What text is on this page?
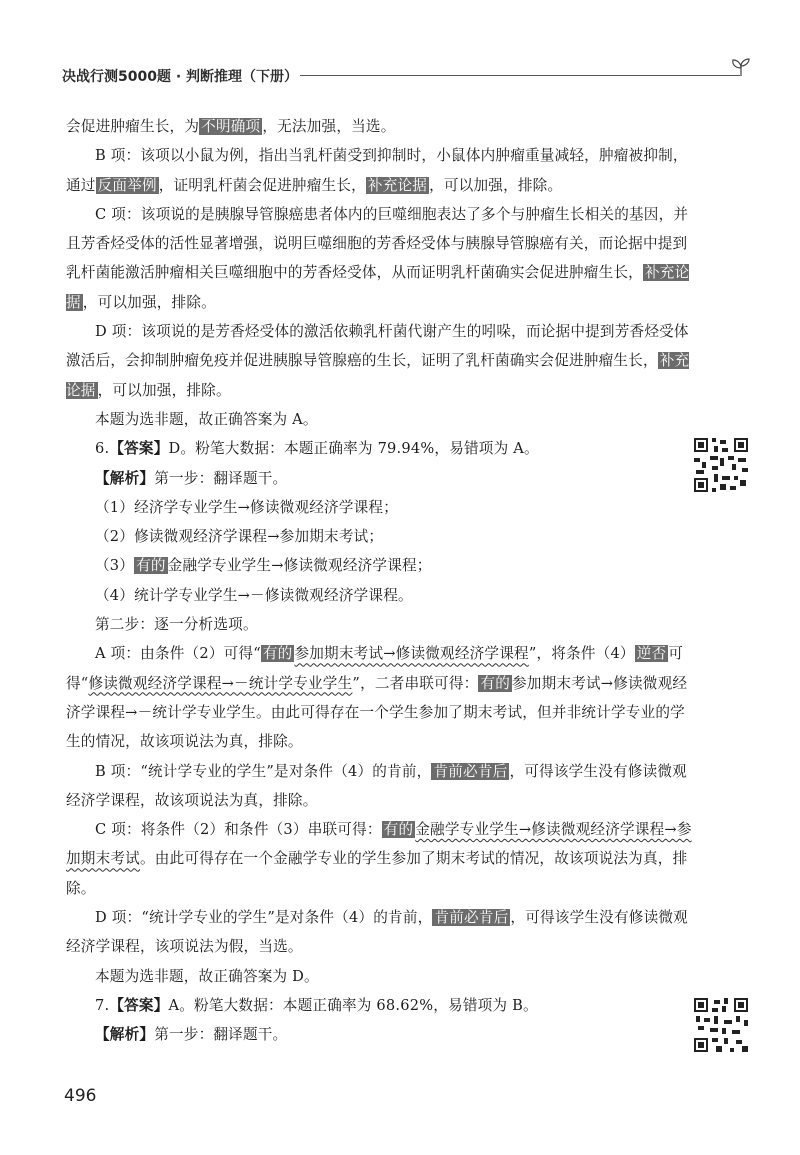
决战行测5000题 · 判断推理（下册）

会促进肿瘤生长，为 不明确项 ，无法加强，当选。

B 项：该项以小鼠为例，指出当乳杆菌受到抑制时，小鼠体内肿瘤重量减轻，肿瘤被抑制，通过 反面举例 ，证明乳杆菌会促进肿瘤生长， 补充论据 ，可以加强，排除。

C 项：该项说的是胰腺导管腺癌患者体内的巨噬细胞表达了多个与肿瘤生长相关的基因，并且芳香烃受体的活性显著增强，说明巨噬细胞的芳香烃受体与胰腺导管腺癌有关，而论据中提到乳杆菌能激活肿瘤相关巨噬细胞中的芳香烃受体，从而证明乳杆菌确实会促进肿瘤生长， 补充论据 ，可以加强，排除。

D 项：该项说的是芳香烃受体的激活依赖乳杆菌代谢产生的吲哚，而论据中提到芳香烃受体激活后，会抑制肿瘤免疫并促进胰腺导管腺癌的生长，证明了乳杆菌确实会促进肿瘤生长， 补充论据 ，可以加强，排除。

本题为选非题，故正确答案为 A。

6.【答案】D。粉笔大数据：本题正确率为 79.94%，易错项为 A。

【解析】第一步：翻译题干。

（1）经济学专业学生→修读微观经济学课程；

（2）修读微观经济学课程→参加期末考试；

（3） 有的 金融学专业学生→修读微观经济学课程；

（4）统计学专业学生→－修读微观经济学课程。

第二步：逐一分析选项。

A 项：由条件（2）可得“ 有的 参加期末考试→修读微观经济学课程”，将条件（4） 逆否 可得“修读微观经济学课程→－统计学专业学生”，二者串联可得： 有的 参加期末考试→修读微观经济学课程→－统计学专业学生。由此可得存在一个学生参加了期末考试，但并非统计学专业的学生的情况，故该项说法为真，排除。

B 项：“统计学专业的学生”是对条件（4）的肯前， 肯前必肯后 ，可得该学生没有修读微观经济学课程，故该项说法为真，排除。

C 项：将条件（2）和条件（3）串联可得： 有的 金融学专业学生→修读微观经济学课程→参加期末考试。由此可得存在一个金融学专业的学生参加了期末考试的情况，故该项说法为真，排除。

D 项：“统计学专业的学生”是对条件（4）的肯前， 肯前必肯后 ，可得该学生没有修读微观经济学课程，该项说法为假，当选。

本题为选非题，故正确答案为 D。

7.【答案】A。粉笔大数据：本题正确率为 68.62%，易错项为 B。

【解析】第一步：翻译题干。

496
